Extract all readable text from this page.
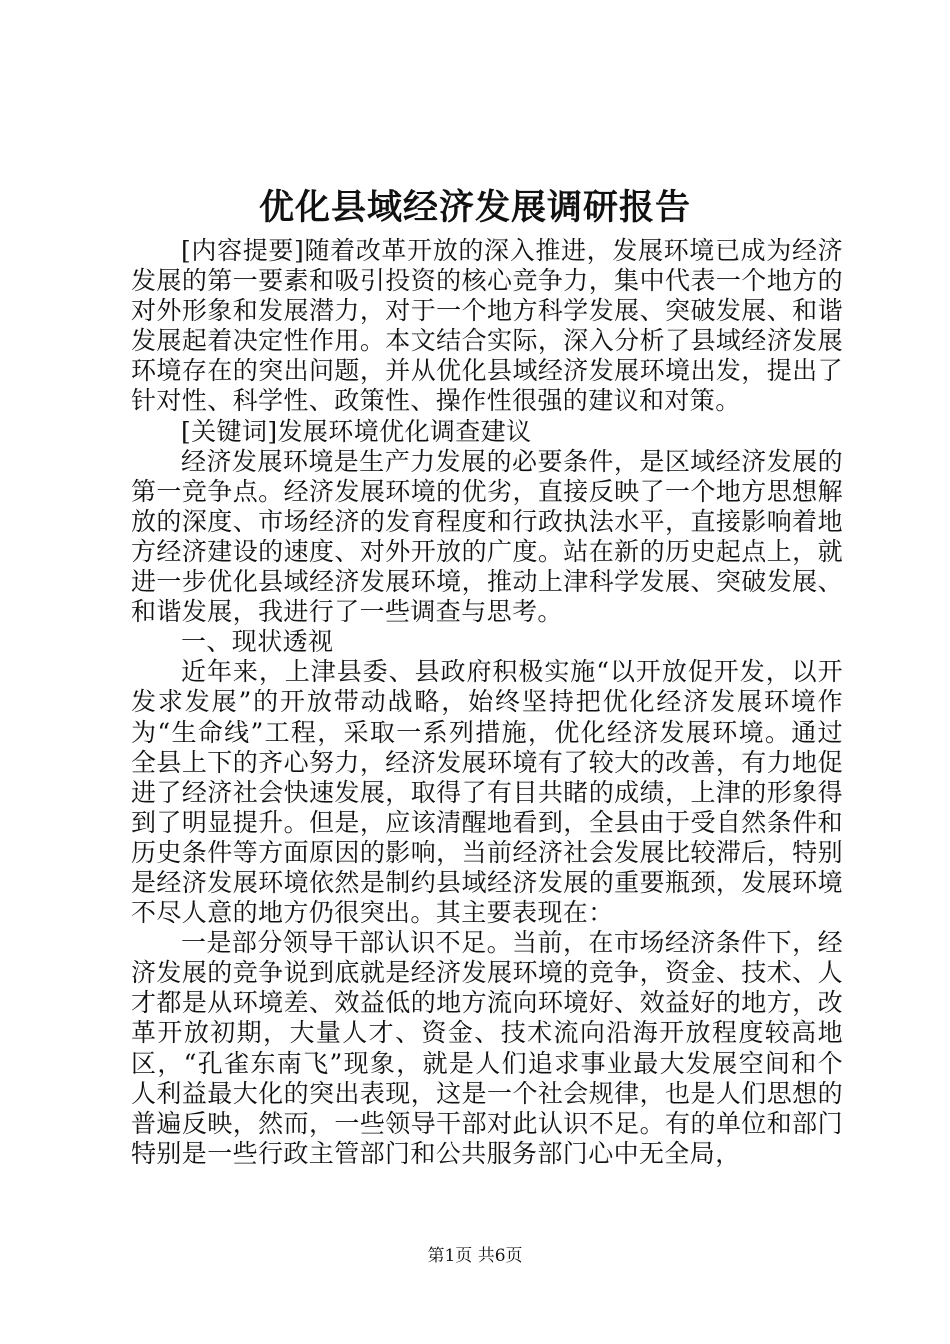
优化县域经济发展调研报告

[内容提要]随着改革开放的深入推进，发展环境已成为经济发展的第一要素和吸引投资的核心竞争力，集中代表一个地方的对外形象和发展潜力，对于一个地方科学发展、突破发展、和谐发展起着决定性作用。本文结合实际，深入分析了县域经济发展环境存在的突出问题，并从优化县域经济发展环境出发，提出了针对性、科学性、政策性、操作性很强的建议和对策。

[关键词]发展环境优化调查建议

经济发展环境是生产力发展的必要条件，是区域经济发展的第一竞争点。经济发展环境的优劣，直接反映了一个地方思想解放的深度、市场经济的发育程度和行政执法水平，直接影响着地方经济建设的速度、对外开放的广度。站在新的历史起点上，就进一步优化县域经济发展环境，推动上津科学发展、突破发展、和谐发展，我进行了一些调查与思考。

一、现状透视

近年来，上津县委、县政府积极实施“以开放促开发，以开发求发展”的开放带动战略，始终坚持把优化经济发展环境作为“生命线”工程，采取一系列措施，优化经济发展环境。通过全县上下的齐心努力，经济发展环境有了较大的改善，有力地促进了经济社会快速发展，取得了有目共睹的成绩，上津的形象得到了明显提升。但是，应该清醒地看到，全县由于受自然条件和历史条件等方面原因的影响，当前经济社会发展比较滞后，特别是经济发展环境依然是制约县域经济发展的重要瓶颈，发展环境不尽人意的地方仍很突出。其主要表现在：

一是部分领导干部认识不足。当前，在市场经济条件下，经济发展的竞争说到底就是经济发展环境的竞争，资金、技术、人才都是从环境差、效益低的地方流向环境好、效益好的地方，改革开放初期，大量人才、资金、技术流向沿海开放程度较高地区，“孔雀东南飞”现象，就是人们追求事业最大发展空间和个人利益最大化的突出表现，这是一个社会规律，也是人们思想的普遍反映，然而，一些领导干部对此认识不足。有的单位和部门特别是一些行政主管部门和公共服务部门心中无全局，

第1页 共6页
